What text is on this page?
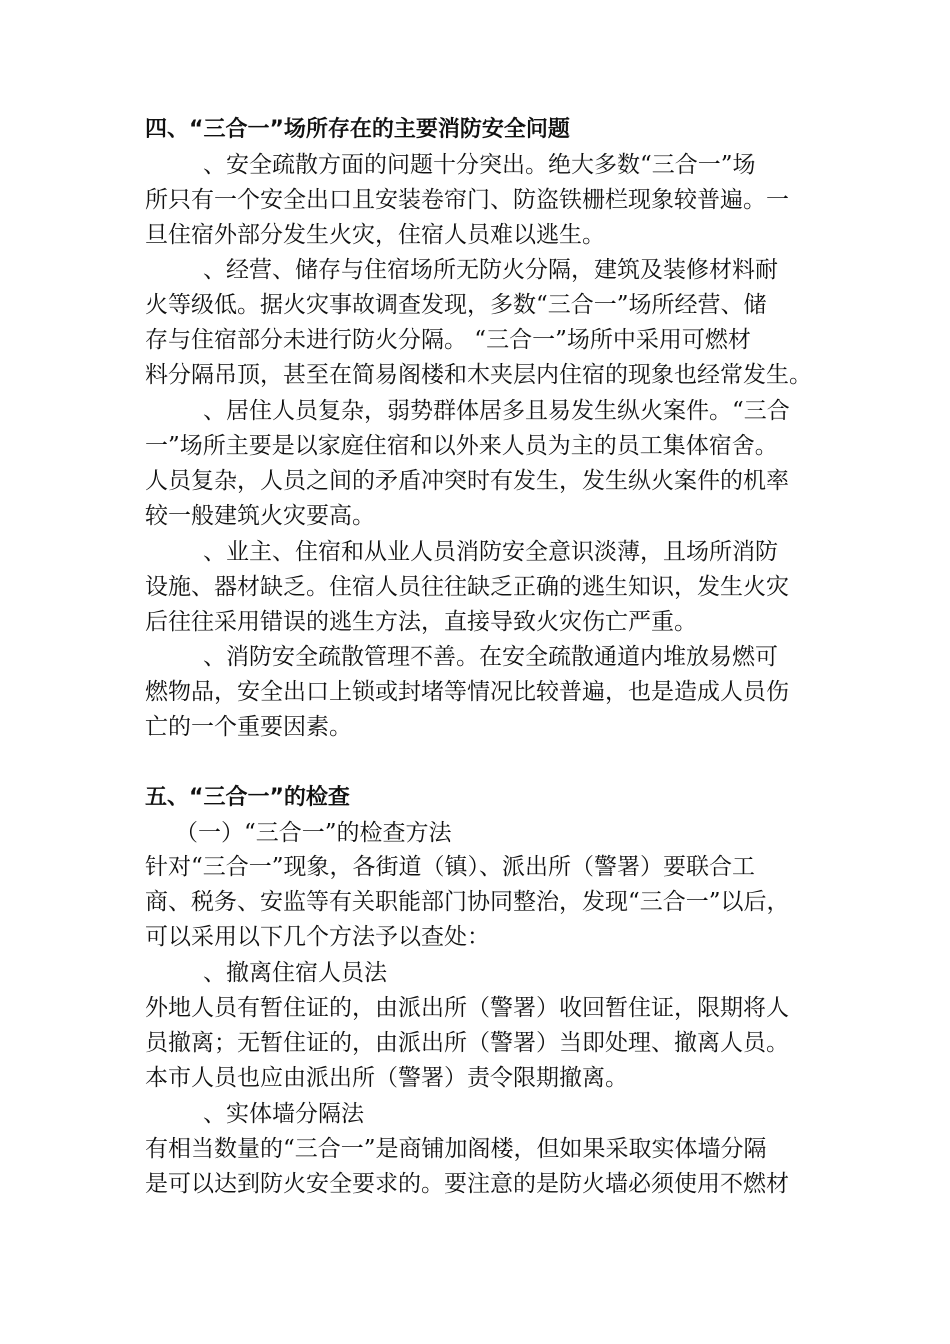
四、“三合一”场所存在的主要消防安全问题
、安全疏散方面的问题十分突出。绝大多数“三合一”场
所只有一个安全出口且安装卷帘门、防盗铁栅栏现象较普遍。一
旦住宿外部分发生火灾，住宿人员难以逃生。
、经营、储存与住宿场所无防火分隔，建筑及装修材料耐
火等级低。据火灾事故调查发现，多数“三合一”场所经营、储
存与住宿部分未进行防火分隔。 “三合一”场所中采用可燃材
料分隔吊顶，甚至在简易阁楼和木夹层内住宿的现象也经常发生。
、居住人员复杂，弱势群体居多且易发生纵火案件。“三合
一”场所主要是以家庭住宿和以外来人员为主的员工集体宿舍。
人员复杂，人员之间的矛盾冲突时有发生，发生纵火案件的机率
较一般建筑火灾要高。
、业主、住宿和从业人员消防安全意识淡薄，且场所消防
设施、器材缺乏。住宿人员往往缺乏正确的逃生知识，发生火灾
后往往采用错误的逃生方法，直接导致火灾伤亡严重。
、消防安全疏散管理不善。在安全疏散通道内堆放易燃可
燃物品，安全出口上锁或封堵等情况比较普遍，也是造成人员伤
亡的一个重要因素。
五、“三合一”的检查
（一）“三合一”的检查方法
针对“三合一”现象，各街道（镇）、派出所（警署）要联合工
商、税务、安监等有关职能部门协同整治，发现“三合一”以后，
可以采用以下几个方法予以查处：
、撤离住宿人员法
外地人员有暂住证的，由派出所（警署）收回暂住证，限期将人
员撤离；无暂住证的，由派出所（警署）当即处理、撤离人员。
本市人员也应由派出所（警署）责令限期撤离。
、实体墙分隔法
有相当数量的“三合一”是商铺加阁楼，但如果采取实体墙分隔
是可以达到防火安全要求的。要注意的是防火墙必须使用不燃材
